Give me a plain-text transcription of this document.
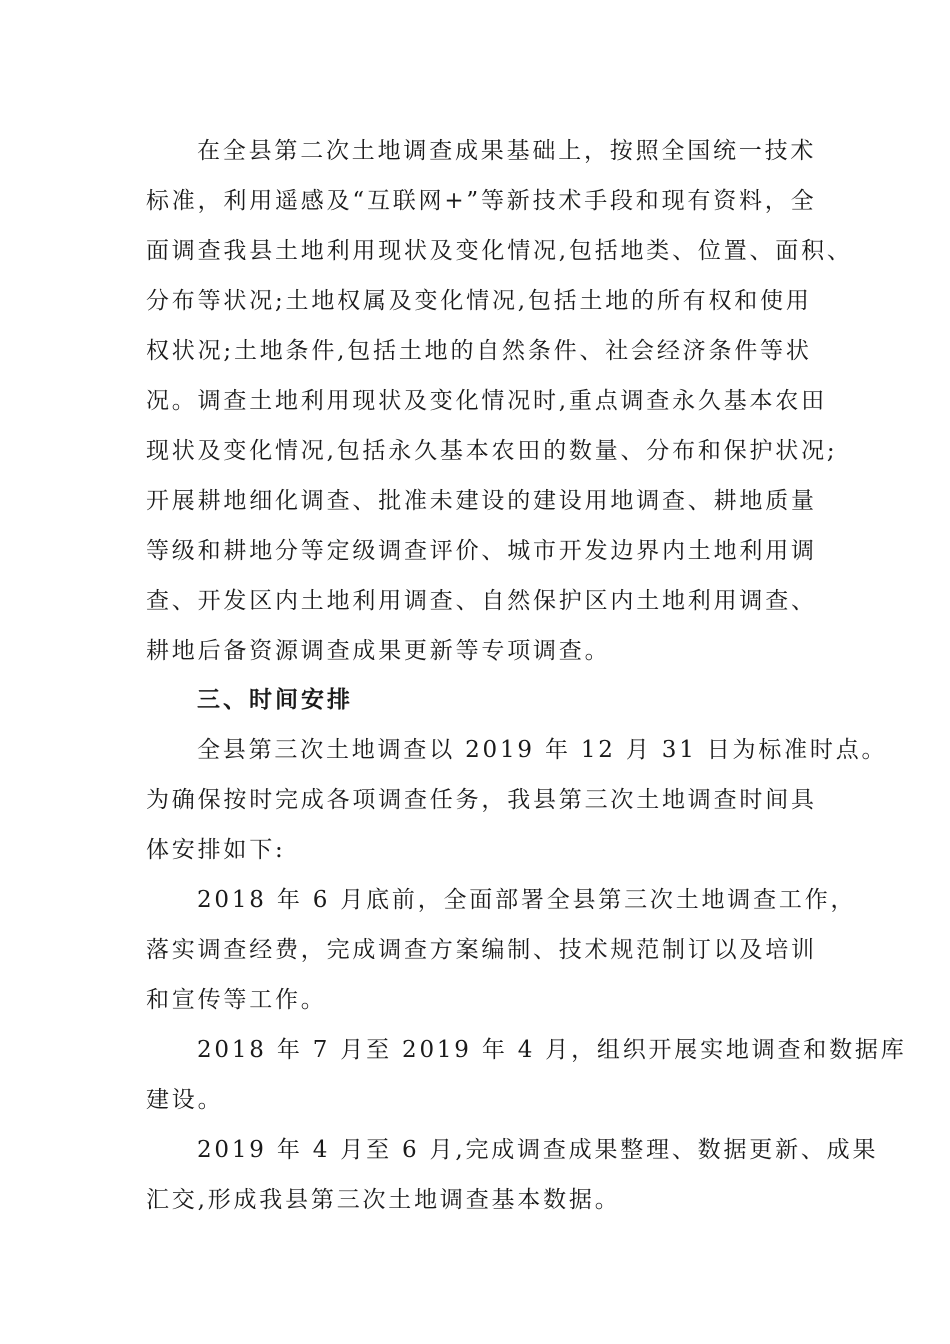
在全县第二次土地调查成果基础上，按照全国统一技术
标准，利用遥感及“互联网+”等新技术手段和现有资料，全
面调查我县土地利用现状及变化情况,包括地类、位置、面积、
分布等状况;土地权属及变化情况,包括土地的所有权和使用
权状况;土地条件,包括土地的自然条件、社会经济条件等状
况。调查土地利用现状及变化情况时,重点调查永久基本农田
现状及变化情况,包括永久基本农田的数量、分布和保护状况;
开展耕地细化调查、批准未建设的建设用地调查、耕地质量
等级和耕地分等定级调查评价、城市开发边界内土地利用调
查、开发区内土地利用调查、自然保护区内土地利用调查、
耕地后备资源调查成果更新等专项调查。
三、时间安排
全县第三次土地调查以 2019 年 12 月 31 日为标准时点。
为确保按时完成各项调查任务，我县第三次土地调查时间具
体安排如下:
2018 年 6 月底前，全面部署全县第三次土地调查工作，
落实调查经费，完成调查方案编制、技术规范制订以及培训
和宣传等工作。
2018 年 7 月至 2019 年 4 月，组织开展实地调查和数据库
建设。
2019 年 4 月至 6 月,完成调查成果整理、数据更新、成果
汇交,形成我县第三次土地调查基本数据。
